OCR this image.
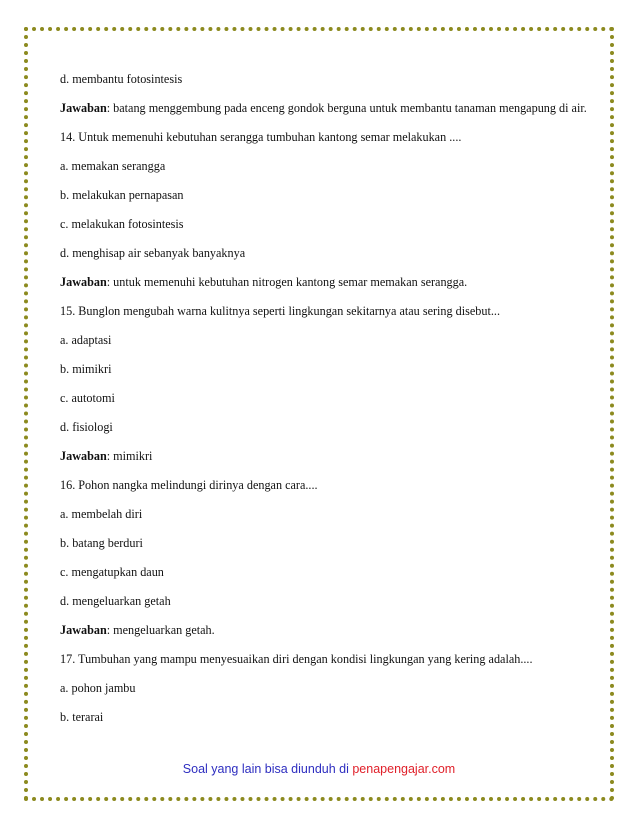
d. membantu fotosintesis
Jawaban: batang menggembung pada enceng gondok berguna untuk membantu tanaman mengapung di air.
14. Untuk memenuhi kebutuhan serangga tumbuhan kantong semar melakukan ....
a. memakan serangga
b. melakukan pernapasan
c. melakukan fotosintesis
d. menghisap air sebanyak banyaknya
Jawaban: untuk memenuhi kebutuhan nitrogen kantong semar memakan serangga.
15. Bunglon mengubah warna kulitnya seperti lingkungan sekitarnya atau sering disebut...
a. adaptasi
b. mimikri
c. autotomi
d. fisiologi
Jawaban: mimikri
16. Pohon nangka melindungi dirinya dengan cara....
a. membelah diri
b. batang berduri
c. mengatupkan daun
d. mengeluarkan getah
Jawaban: mengeluarkan getah.
17. Tumbuhan yang mampu menyesuaikan diri dengan kondisi lingkungan yang kering adalah....
a. pohon jambu
b. terarai
Soal yang lain bisa diunduh di penapengajar.com
